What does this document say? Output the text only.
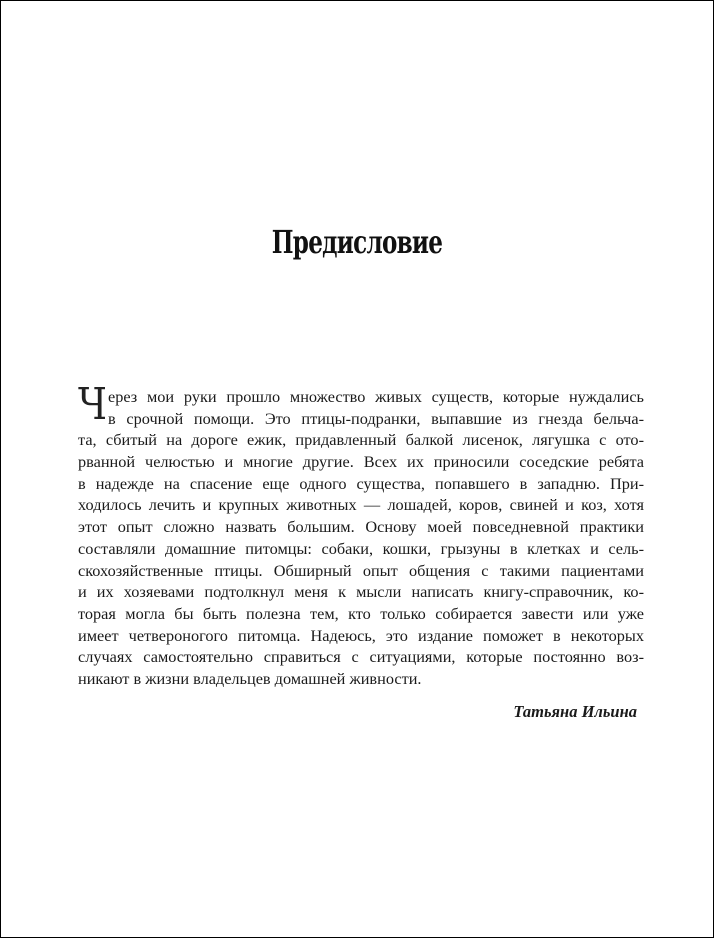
Предисловие
Ч ерез мои руки прошло множество живых существ, которые нуждались
в срочной помощи. Это птицы-подранки, выпавшие из гнезда бельча-
та, сбитый на дороге ежик, придавленный балкой лисенок, лягушка с ото-
рванной челюстью и многие другие. Всех их приносили соседские ребята
в надежде на спасение еще одного существа, попавшего в западню. При-
ходилось лечить и крупных животных — лошадей, коров, свиней и коз, хотя
этот опыт сложно назвать большим. Основу моей повседневной практики
составляли домашние питомцы: собаки, кошки, грызуны в клетках и сель-
скохозяйственные птицы. Обширный опыт общения с такими пациентами
и их хозяевами подтолкнул меня к мысли написать книгу-справочник, ко-
торая могла бы быть полезна тем, кто только собирается завести или уже
имеет четвероногого питомца. Надеюсь, это издание поможет в некоторых
случаях самостоятельно справиться с ситуациями, которые постоянно воз-
никают в жизни владельцев домашней живности.
Татьяна Ильина
